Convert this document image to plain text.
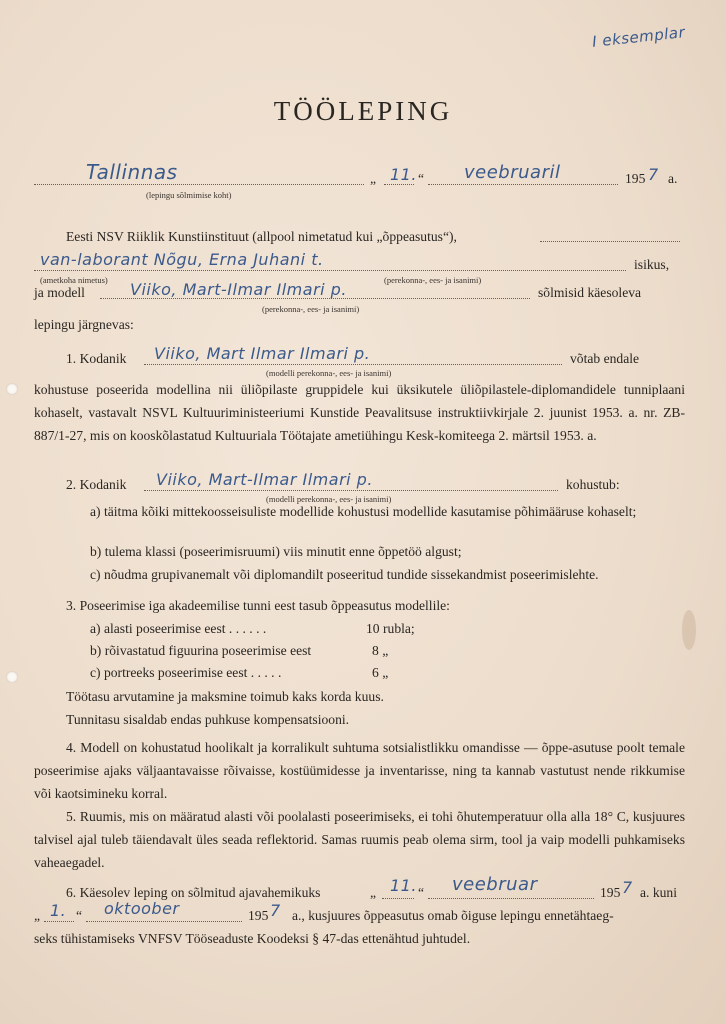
I eksemplar
TÖÖLEPING
Tallinnas
(lepingu sõlmimise koht)
„ 11. “ veebruaril	195 7 a.
Eesti NSV Riiklik Kunstiinstituut (allpool nimetatud kui „õppeasutus“),
van-laborant Nõgu, Erna Juhani t.	isikus,
(ametkoha nimetus)	(perekonna-, ees- ja isanimi)
ja modell	Viiko, Mart-Ilmar Ilmari p.	sõlmisid käesoleva
(perekonna-, ees- ja isanimi)
lepingu järgnevas:
1. Kodanik Viiko, Mart Ilmar Ilmari p.	võtab endale
(modelli perekonna-, ees- ja isanimi)
kohustuse poseerida modellina nii üliõpilaste gruppidele kui üksikutele üliõpilastele-diplomandidele tunniplaani kohaselt, vastavalt NSVL Kultuuriministeeriumi Kunstide Peavalitsuse instruktiivkirjale 2. juunist 1953. a. nr. ZB-887/1-27, mis on kooskõlastatud Kultuuriala Töötajate ametiühingu Kesk-komiteega 2. märtsil 1953. a.
2. Kodanik Viiko, Mart-Ilmar Ilmari p.	kohustub:
(modelli perekonna-, ees- ja isanimi)
a) täitma kõiki mittekoosseisuliste modellide kohustusi modellide kasutamise põhimääruse kohaselt;
b) tulema klassi (poseerimisruumi) viis minutit enne õppetöö algust;
c) nõudma grupivanemalt või diplomandilt poseeritud tundide sissekandmist poseerimislehte.
3. Poseerimise iga akadeemilise tunni eest tasub õppeasutus modellile:
a) alasti poseerimise eest . . . . . .	10 rubla;
b) rõivastatud figuurina poseerimise eest	8 „
c) portreeks poseerimise eest . . . . .	6 „
Töötasu arvutamine ja maksmine toimub kaks korda kuus.
Tunnitasu sisaldab endas puhkuse kompensatsiooni.
4. Modell on kohustatud hoolikalt ja korralikult suhtuma sotsialistlikku omandisse — õppe-asutuse poolt temale poseerimise ajaks väljaantavaisse rõivaisse, kostüümidesse ja inventarisse, ning ta kannab vastutust nende rikkumise või kaotsimineku korral.
5. Ruumis, mis on määratud alasti või poolalasti poseerimiseks, ei tohi õhutemperatuur olla alla 18° C, kusjuures talvisel ajal tuleb täiendavalt üles seada reflektorid. Samas ruumis peab olema sirm, tool ja vaip modelli puhkamiseks vaheaegadel.
6. Käesolev leping on sõlmitud ajavahemikuks	„ 11. “ veebruar	195 7 a. kuni
„ 1. “ oktoober	195 7 a., kusjuures õppeasutus omab õiguse lepingu ennetähtaeg-
seks tühistamiseks VNFSV Tööseaduste Koodeksi § 47-das ettenähtud juhtudel.
